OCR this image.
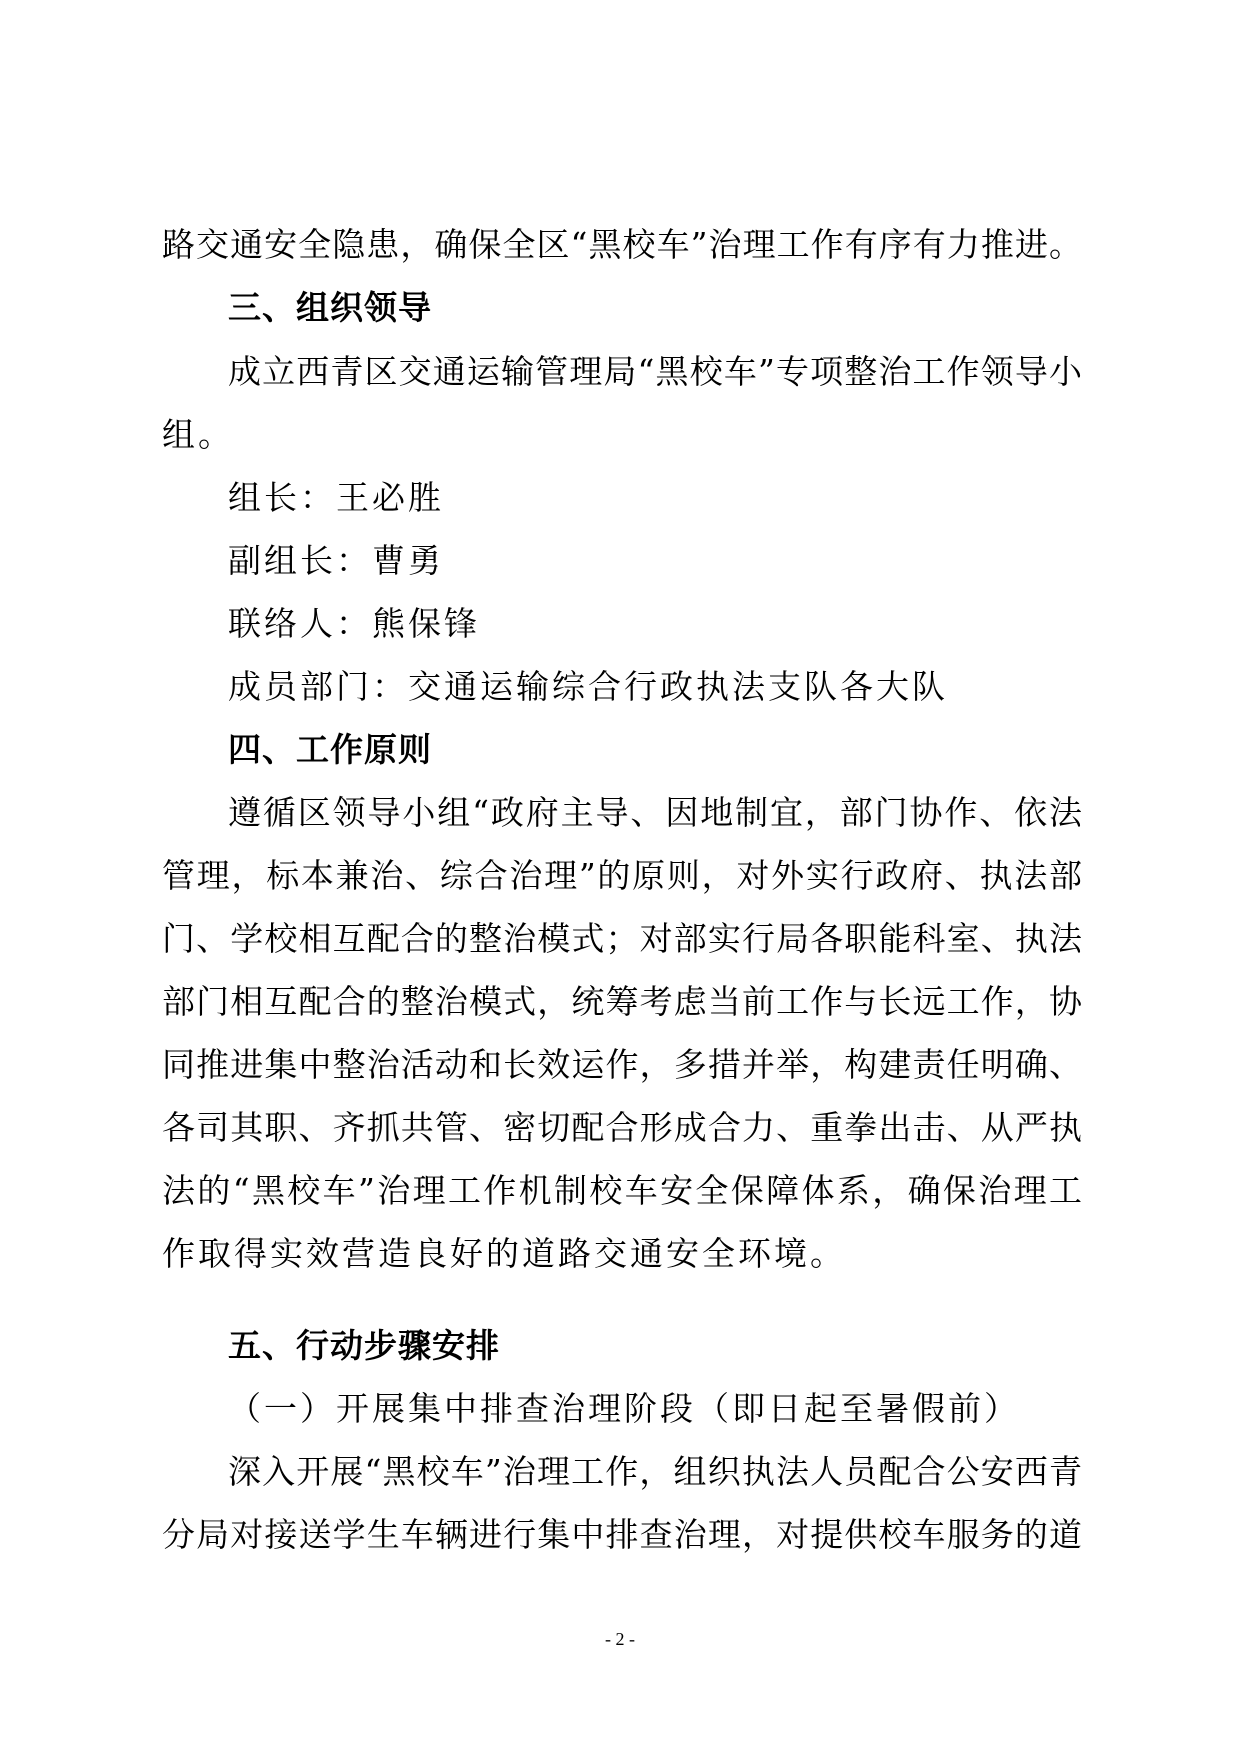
路交通安全隐患，确保全区“黑校车”治理工作有序有力推进。
三、组织领导
成立西青区交通运输管理局“黑校车”专项整治工作领导小
组。
组长：王必胜
副组长：曹勇
联络人：熊保锋
成员部门：交通运输综合行政执法支队各大队
四、工作原则
遵循区领导小组“政府主导、因地制宜，部门协作、依法
管理，标本兼治、综合治理”的原则，对外实行政府、执法部
门、学校相互配合的整治模式；对部实行局各职能科室、执法
部门相互配合的整治模式，统筹考虑当前工作与长远工作，协
同推进集中整治活动和长效运作，多措并举，构建责任明确、
各司其职、齐抓共管、密切配合形成合力、重拳出击、从严执
法的“黑校车”治理工作机制校车安全保障体系，确保治理工
作取得实效营造良好的道路交通安全环境。
五、行动步骤安排
（一）开展集中排查治理阶段（即日起至暑假前）
深入开展“黑校车”治理工作，组织执法人员配合公安西青
分局对接送学生车辆进行集中排查治理，对提供校车服务的道
- 2 -
